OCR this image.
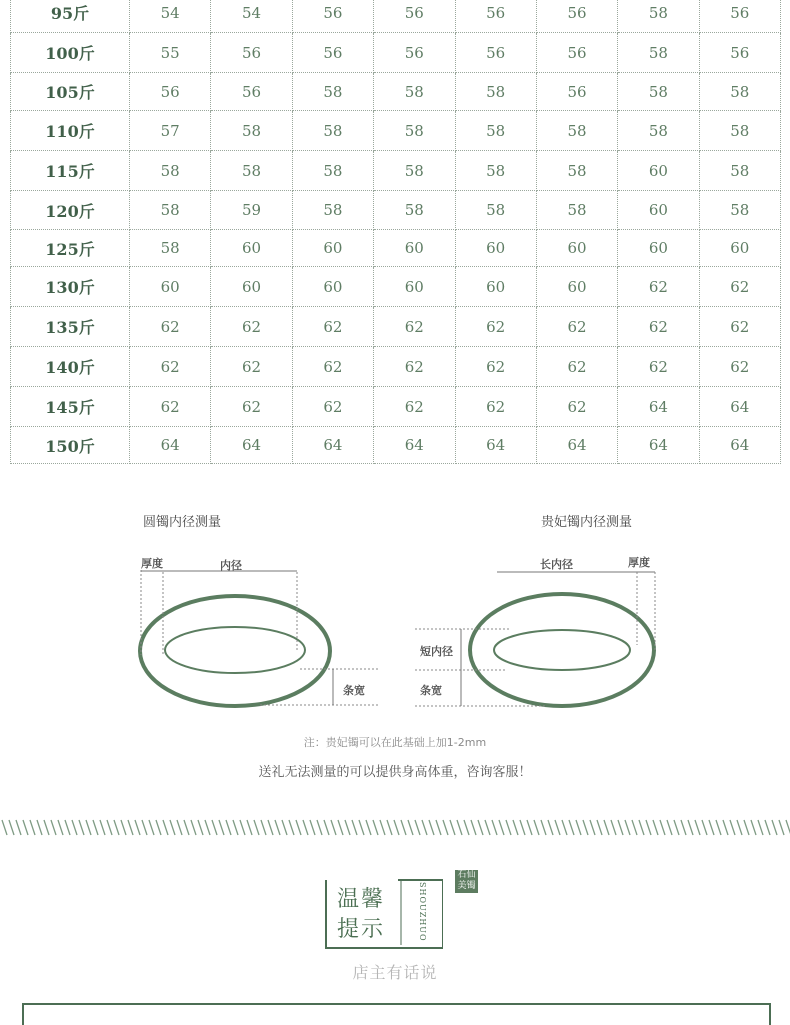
95斤	54	54	56	56	56	56	58	56
100斤	55	56	56	56	56	56	58	56
105斤	56	56	58	58	58	56	58	58
110斤	57	58	58	58	58	58	58	58
115斤	58	58	58	58	58	58	60	58
120斤	58	59	58	58	58	58	60	58
125斤	58	60	60	60	60	60	60	60
130斤	60	60	60	60	60	60	62	62
135斤	62	62	62	62	62	62	62	62
140斤	62	62	62	62	62	62	62	62
145斤	62	62	62	62	62	62	64	64
150斤	64	64	64	64	64	64	64	64
圆镯内径测量
厚度	内径
条宽
贵妃镯内径测量
长内径	厚度
短内径
条宽
注：贵妃镯可以在此基础上加1-2mm
送礼无法测量的可以提供身高体重，咨询客服！
温馨
提示	SHOUZHUO
石仙美镯
店主有话说
